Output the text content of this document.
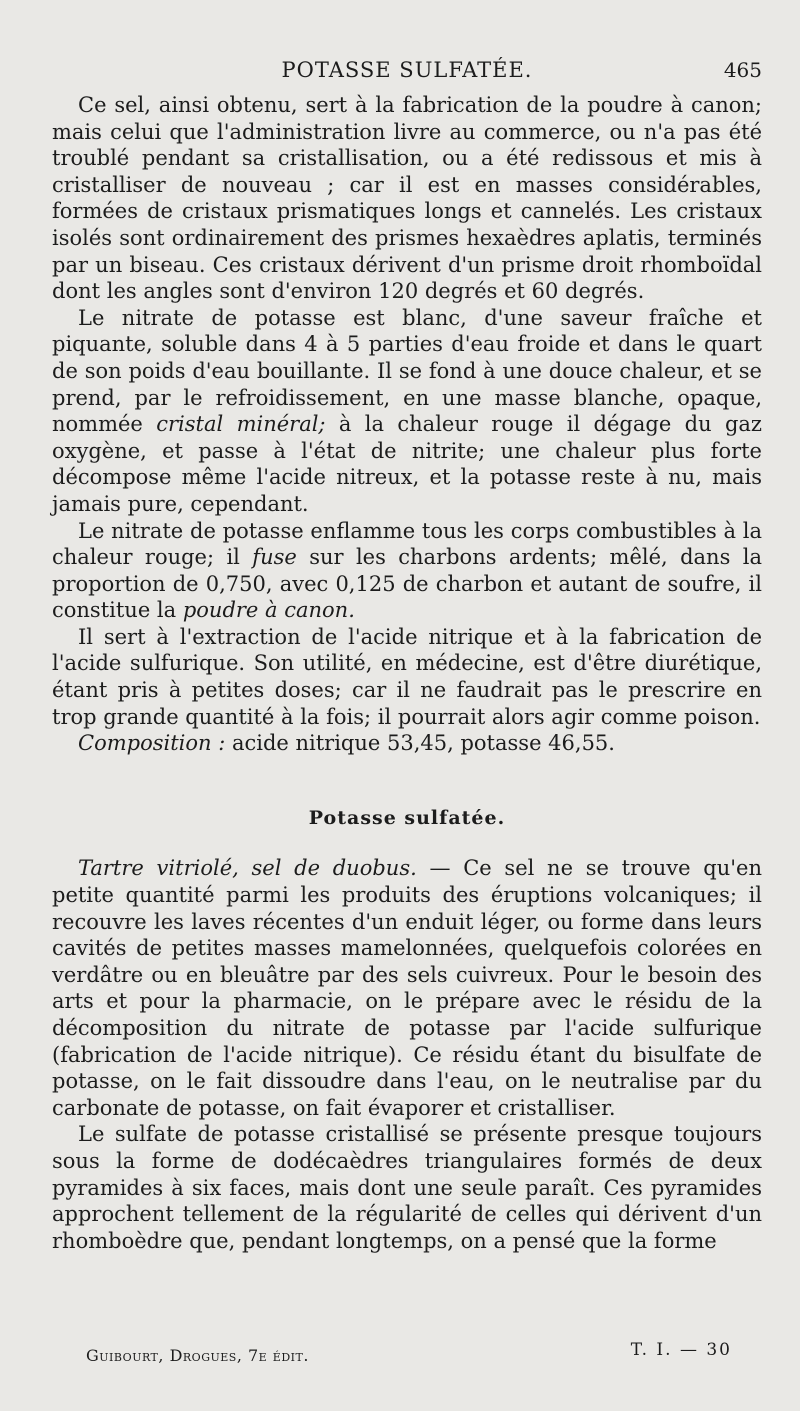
POTASSE SULFATÉE.	465

Ce sel, ainsi obtenu, sert à la fabrication de la poudre à canon; mais celui que l'administration livre au commerce, ou n'a pas été troublé pendant sa cristallisation, ou a été redissous et mis à cristalliser de nouveau ; car il est en masses considérables, formées de cristaux prismatiques longs et cannelés. Les cristaux isolés sont ordinairement des prismes hexaèdres aplatis, terminés par un biseau. Ces cristaux dérivent d'un prisme droit rhomboïdal dont les angles sont d'environ 120 degrés et 60 degrés.

Le nitrate de potasse est blanc, d'une saveur fraîche et piquante, soluble dans 4 à 5 parties d'eau froide et dans le quart de son poids d'eau bouillante. Il se fond à une douce chaleur, et se prend, par le refroidissement, en une masse blanche, opaque, nommée cristal minéral; à la chaleur rouge il dégage du gaz oxygène, et passe à l'état de nitrite; une chaleur plus forte décompose même l'acide nitreux, et la potasse reste à nu, mais jamais pure, cependant.

Le nitrate de potasse enflamme tous les corps combustibles à la chaleur rouge; il fuse sur les charbons ardents; mêlé, dans la proportion de 0,750, avec 0,125 de charbon et autant de soufre, il constitue la poudre à canon.

Il sert à l'extraction de l'acide nitrique et à la fabrication de l'acide sulfurique. Son utilité, en médecine, est d'être diurétique, étant pris à petites doses; car il ne faudrait pas le prescrire en trop grande quantité à la fois; il pourrait alors agir comme poison.

Composition : acide nitrique 53,45, potasse 46,55.

Potasse sulfatée.

Tartre vitriolé, sel de duobus. — Ce sel ne se trouve qu'en petite quantité parmi les produits des éruptions volcaniques; il recouvre les laves récentes d'un enduit léger, ou forme dans leurs cavités de petites masses mamelonnées, quelquefois colorées en verdâtre ou en bleuâtre par des sels cuivreux. Pour le besoin des arts et pour la pharmacie, on le prépare avec le résidu de la décomposition du nitrate de potasse par l'acide sulfurique (fabrication de l'acide nitrique). Ce résidu étant du bisulfate de potasse, on le fait dissoudre dans l'eau, on le neutralise par du carbonate de potasse, on fait évaporer et cristalliser.

Le sulfate de potasse cristallisé se présente presque toujours sous la forme de dodécaèdres triangulaires formés de deux pyramides à six faces, mais dont une seule paraît. Ces pyramides approchent tellement de la régularité de celles qui dérivent d'un rhomboèdre que, pendant longtemps, on a pensé que la forme

Guibourt, Drogues, 7e édit.	T. I. — 30
